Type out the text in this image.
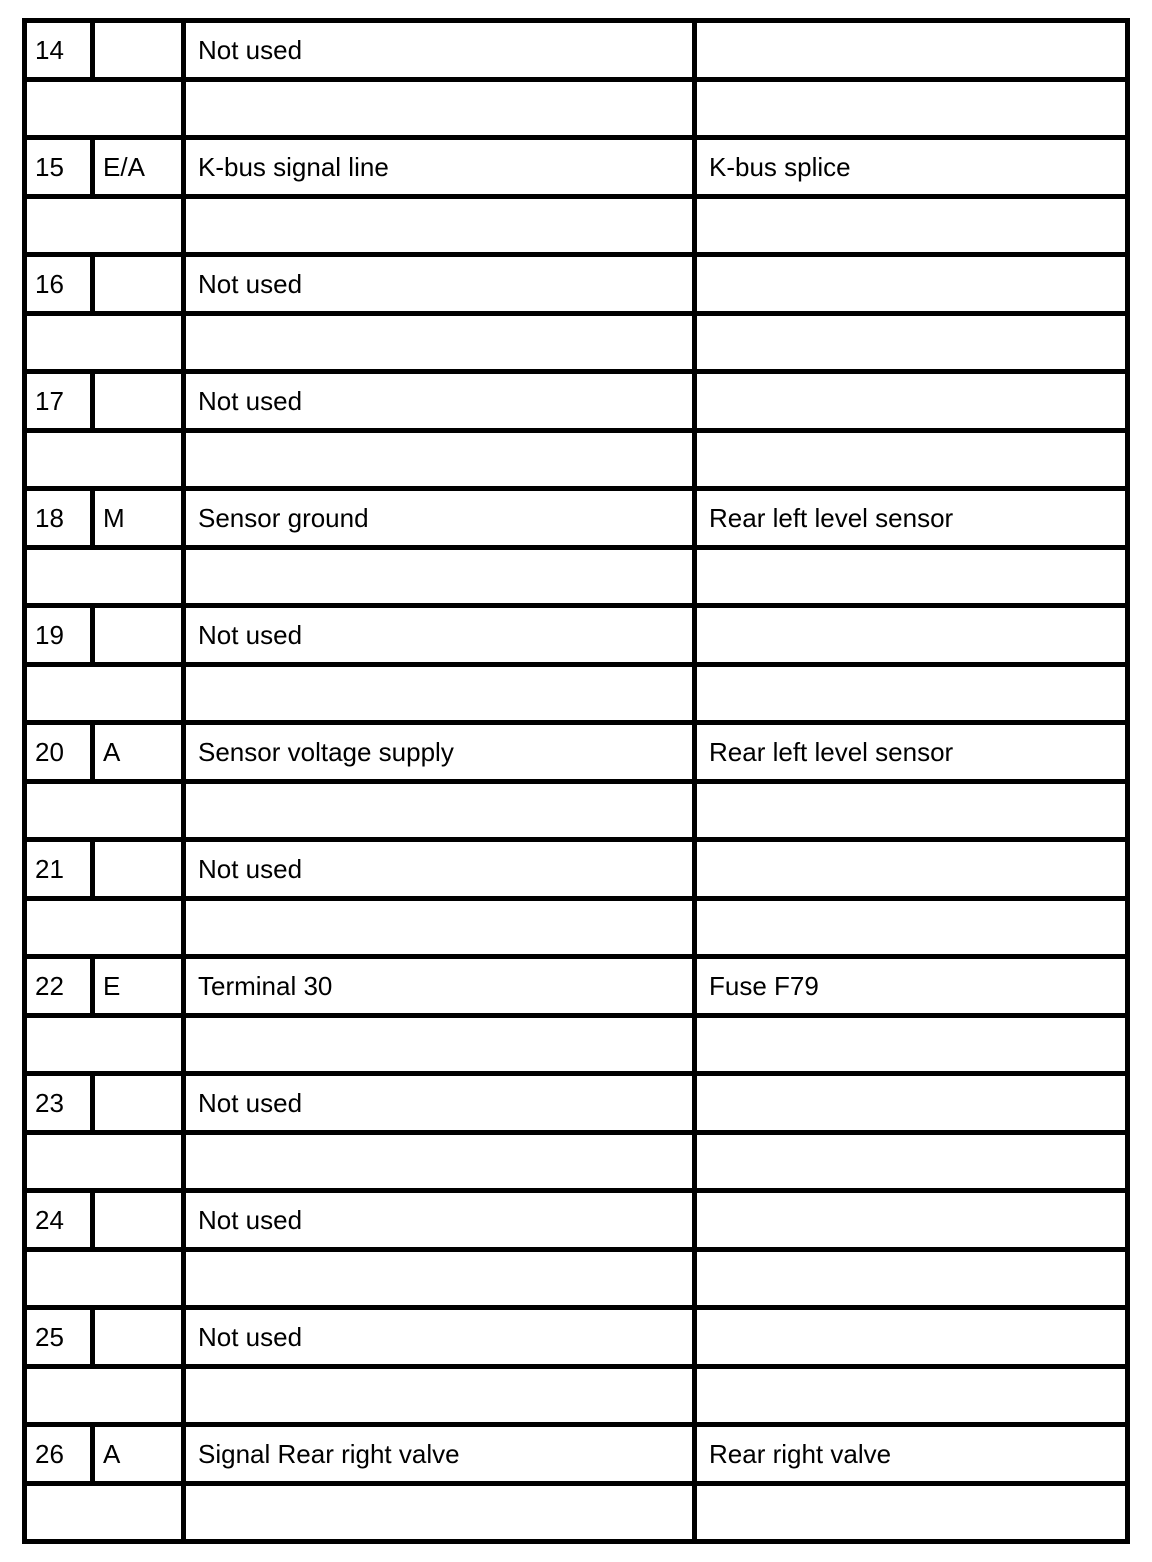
14		Not used	

15	E/A	K-bus signal line	K-bus splice

16		Not used	

17		Not used	

18	M	Sensor ground	Rear left level sensor

19		Not used	

20	A	Sensor voltage supply	Rear left level sensor

21		Not used	

22	E	Terminal 30	Fuse F79

23		Not used	

24		Not used	

25		Not used	

26	A	Signal Rear right valve	Rear right valve
